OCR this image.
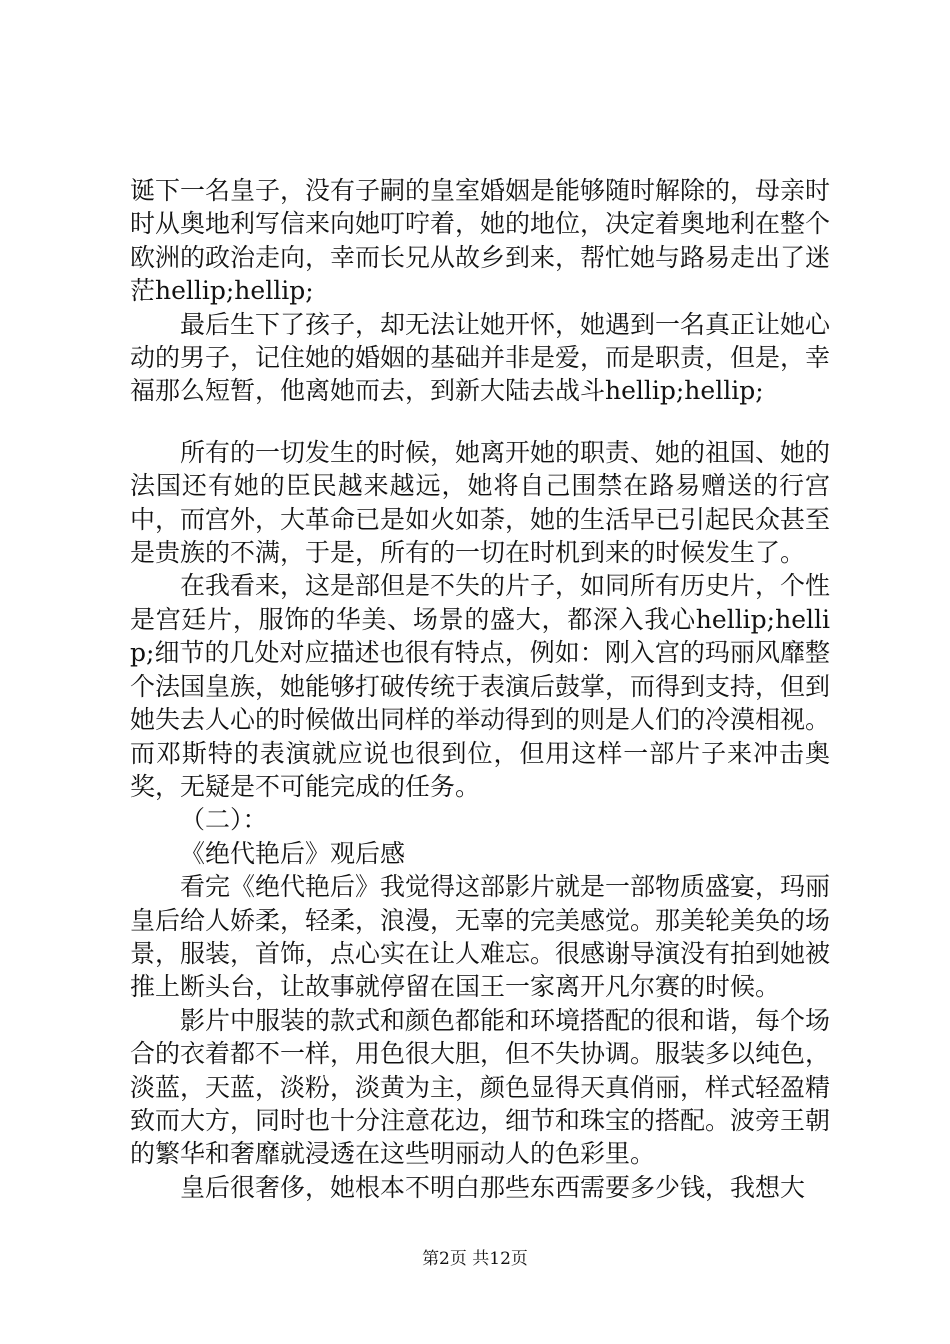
诞下一名皇子，没有子嗣的皇室婚姻是能够随时解除的，母亲时时从奥地利写信来向她叮咛着，她的地位，决定着奥地利在整个欧洲的政治走向，幸而长兄从故乡到来，帮忙她与路易走出了迷茫hellip;hellip;

最后生下了孩子，却无法让她开怀，她遇到一名真正让她心动的男子，记住她的婚姻的基础并非是爱，而是职责，但是，幸福那么短暂，他离她而去，到新大陆去战斗hellip;hellip;

所有的一切发生的时候，她离开她的职责、她的祖国、她的法国还有她的臣民越来越远，她将自己围禁在路易赠送的行宫中，而宫外，大革命已是如火如荼，她的生活早已引起民众甚至是贵族的不满，于是，所有的一切在时机到来的时候发生了。

在我看来，这是部但是不失的片子，如同所有历史片，个性是宫廷片，服饰的华美、场景的盛大，都深入我心hellip;hellip;细节的几处对应描述也很有特点，例如：刚入宫的玛丽风靡整个法国皇族，她能够打破传统于表演后鼓掌，而得到支持，但到她失去人心的时候做出同样的举动得到的则是人们的冷漠相视。而邓斯特的表演就应说也很到位，但用这样一部片子来冲击奥奖，无疑是不可能完成的任务。

（二）：

《绝代艳后》观后感

看完《绝代艳后》我觉得这部影片就是一部物质盛宴，玛丽皇后给人娇柔，轻柔，浪漫，无辜的完美感觉。那美轮美奂的场景，服装，首饰，点心实在让人难忘。很感谢导演没有拍到她被推上断头台，让故事就停留在国王一家离开凡尔赛的时候。

影片中服装的款式和颜色都能和环境搭配的很和谐，每个场合的衣着都不一样，用色很大胆，但不失协调。服装多以纯色，淡蓝，天蓝，淡粉，淡黄为主，颜色显得天真俏丽，样式轻盈精致而大方，同时也十分注意花边，细节和珠宝的搭配。波旁王朝的繁华和奢靡就浸透在这些明丽动人的色彩里。

皇后很奢侈，她根本不明白那些东西需要多少钱，我想大

第2页 共12页
